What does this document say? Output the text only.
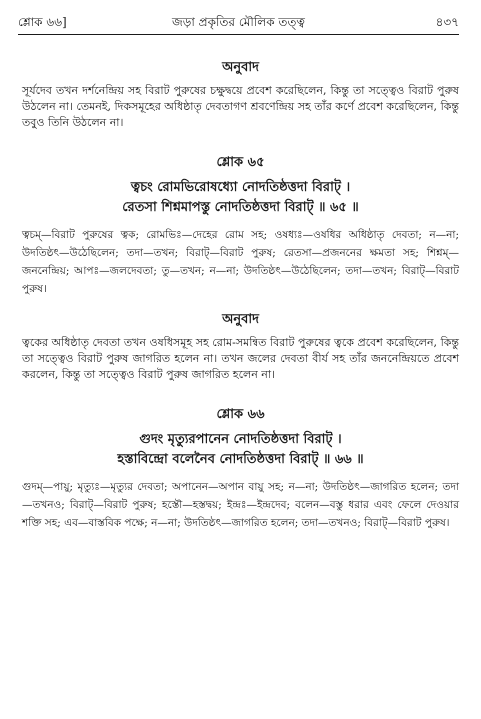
শ্লোক ৬৬]	জড়া প্রকৃতির মৌলিক তত্ত্ব	৪৩৭
অনুবাদ

সূর্যদেব তখন দর্শনেন্দ্রিয় সহ বিরাট পুরুষের চক্ষুদ্বয়ে প্রবেশ করেছিলেন, কিন্তু তা সত্ত্বেও বিরাট পুরুষ উঠলেন না। তেমনই, দিকসমূহের অধিষ্ঠাতৃ দেবতাগণ শ্রবণেন্দ্রিয় সহ তাঁর কর্ণে প্রবেশ করেছিলেন, কিন্তু তবুও তিনি উঠলেন না।

শ্লোক ৬৫

ত্বচং রোমভিরোষধ্যো নোদতিষ্ঠত্তদা বিরাট্ ।

রেতসা শিশ্নমাপস্তু নোদতিষ্ঠত্তদা বিরাট্ ॥ ৬৫ ॥

ত্বচম্—বিরাট পুরুষের ত্বক; রোমভিঃ—দেহের রোম সহ; ওষধ্যঃ—ওষধির অধিষ্ঠাতৃ দেবতা; ন—না; উদতিষ্ঠৎ—উঠেছিলেন; তদা—তখন; বিরাট্—বিরাট পুরুষ; রেতসা—প্রজননের ক্ষমতা সহ; শিশ্নম্—জননেন্দ্রিয়; আপঃ—জলদেবতা; তু—তখন; ন—না; উদতিষ্ঠৎ—উঠেছিলেন; তদা—তখন; বিরাট্—বিরাট পুরুষ।

অনুবাদ

ত্বকের অধিষ্ঠাতৃ দেবতা তখন ওষধিসমূহ সহ রোম-সমন্বিত বিরাট পুরুষের ত্বকে প্রবেশ করেছিলেন, কিন্তু তা সত্ত্বেও বিরাট পুরুষ জাগরিত হলেন না। তখন জলের দেবতা বীর্য সহ তাঁর জননেন্দ্রিয়তে প্রবেশ করলেন, কিন্তু তা সত্ত্বেও বিরাট পুরুষ জাগরিত হলেন না।

শ্লোক ৬৬

গুদং মৃত্যুরপানেন নোদতিষ্ঠত্তদা বিরাট্ ।

হস্তাবিন্দ্রো বলেনৈব নোদতিষ্ঠত্তদা বিরাট্ ॥ ৬৬ ॥

গুদম্—পায়ু; মৃত্যুঃ—মৃত্যুর দেবতা; অপানেন—অপান বায়ু সহ; ন—না; উদতিষ্ঠৎ—জাগরিত হলেন; তদা—তখনও; বিরাট্—বিরাট পুরুষ; হস্তৌ—হস্তদ্বয়; ইন্দ্রঃ—ইন্দ্রদেব; বলেন—বস্তু ধরার এবং ফেলে দেওয়ার শক্তি সহ; এব—বাস্তবিক পক্ষে; ন—না; উদতিষ্ঠৎ—জাগরিত হলেন; তদা—তখনও; বিরাট্—বিরাট পুরুষ।
